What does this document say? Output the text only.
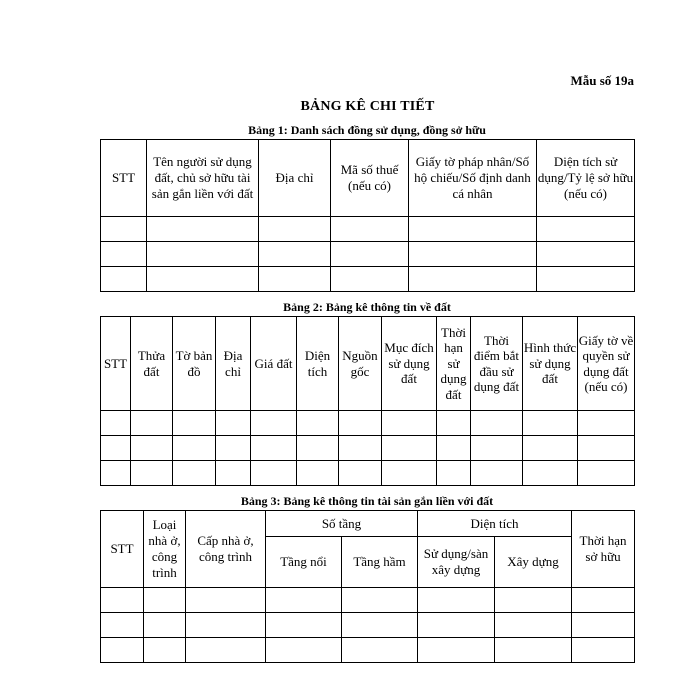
Mẫu số 19a
BẢNG KÊ CHI TIẾT
Bảng 1: Danh sách đồng sử dụng, đồng sở hữu
STT	Tên người sử dụng đất, chủ sở hữu tài sản gắn liền với đất	Địa chỉ	Mã số thuế (nếu có)	Giấy tờ pháp nhân/Số hộ chiếu/Số định danh cá nhân	Diện tích sử dụng/Tỷ lệ sở hữu (nếu có)

Bảng 2: Bảng kê thông tin về đất
STT	Thửa đất	Tờ bản đồ	Địa chỉ	Giá đất	Diện tích	Nguồn gốc	Mục đích sử dụng đất	Thời hạn sử dụng đất	Thời điểm bắt đầu sử dụng đất	Hình thức sử dụng đất	Giấy tờ về quyền sử dụng đất (nếu có)

Bảng 3: Bảng kê thông tin tài sản gắn liền với đất
STT	Loại nhà ở, công trình	Cấp nhà ở, công trình	Số tầng		Diện tích		Thời hạn sở hữu
			Tầng nổi	Tầng hầm	Sử dụng/sàn xây dựng	Xây dựng	
